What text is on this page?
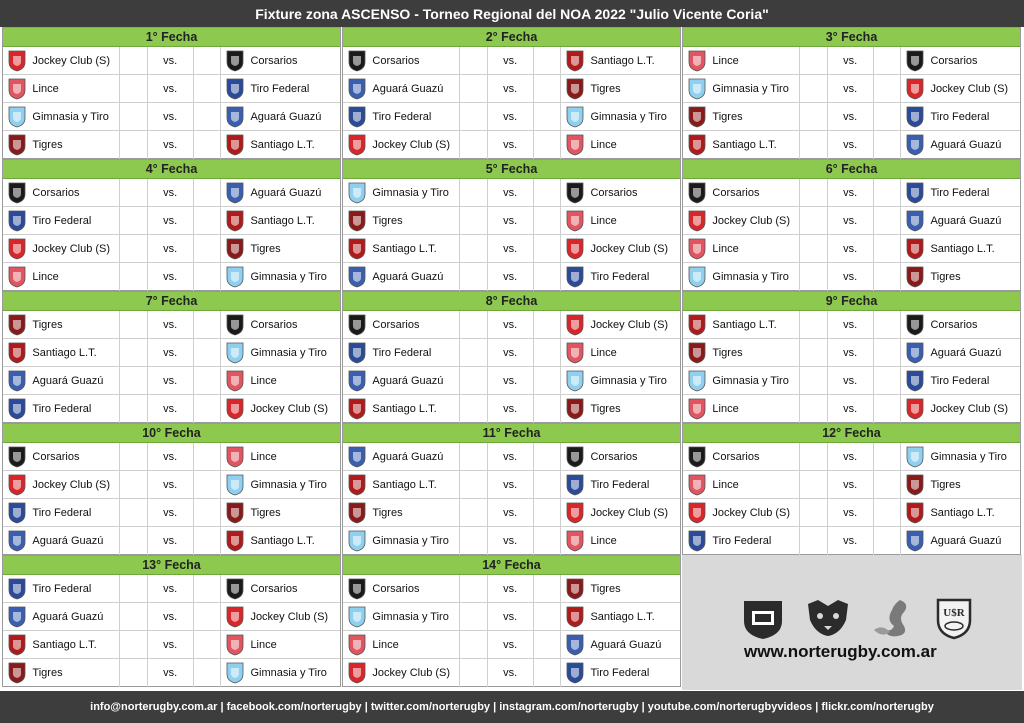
Fixture zona ASCENSO - Torneo Regional del NOA 2022 "Julio Vicente Coria"
1° Fecha
Jockey Club (S)	vs.	Corsarios
Lince	vs.	Tiro Federal
Gimnasia y Tiro	vs.	Aguará Guazú
Tigres	vs.	Santiago L.T.
2° Fecha
Corsarios	vs.	Santiago L.T.
Aguará Guazú	vs.	Tigres
Tiro Federal	vs.	Gimnasia y Tiro
Jockey Club (S)	vs.	Lince
3° Fecha
Lince	vs.	Corsarios
Gimnasia y Tiro	vs.	Jockey Club (S)
Tigres	vs.	Tiro Federal
Santiago L.T.	vs.	Aguará Guazú
4° Fecha
Corsarios	vs.	Aguará Guazú
Tiro Federal	vs.	Santiago L.T.
Jockey Club (S)	vs.	Tigres
Lince	vs.	Gimnasia y Tiro
5° Fecha
Gimnasia y Tiro	vs.	Corsarios
Tigres	vs.	Lince
Santiago L.T.	vs.	Jockey Club (S)
Aguará Guazú	vs.	Tiro Federal
6° Fecha
Corsarios	vs.	Tiro Federal
Jockey Club (S)	vs.	Aguará Guazú
Lince	vs.	Santiago L.T.
Gimnasia y Tiro	vs.	Tigres
7° Fecha
Tigres	vs.	Corsarios
Santiago L.T.	vs.	Gimnasia y Tiro
Aguará Guazú	vs.	Lince
Tiro Federal	vs.	Jockey Club (S)
8° Fecha
Corsarios	vs.	Jockey Club (S)
Tiro Federal	vs.	Lince
Aguará Guazú	vs.	Gimnasia y Tiro
Santiago L.T.	vs.	Tigres
9° Fecha
Santiago L.T.	vs.	Corsarios
Tigres	vs.	Aguará Guazú
Gimnasia y Tiro	vs.	Tiro Federal
Lince	vs.	Jockey Club (S)
10° Fecha
Corsarios	vs.	Lince
Jockey Club (S)	vs.	Gimnasia y Tiro
Tiro Federal	vs.	Tigres
Aguará Guazú	vs.	Santiago L.T.
11° Fecha
Aguará Guazú	vs.	Corsarios
Santiago L.T.	vs.	Tiro Federal
Tigres	vs.	Jockey Club (S)
Gimnasia y Tiro	vs.	Lince
12° Fecha
Corsarios	vs.	Gimnasia y Tiro
Lince	vs.	Tigres
Jockey Club (S)	vs.	Santiago L.T.
Tiro Federal	vs.	Aguará Guazú
13° Fecha
Tiro Federal	vs.	Corsarios
Aguará Guazú	vs.	Jockey Club (S)
Santiago L.T.	vs.	Lince
Tigres	vs.	Gimnasia y Tiro
14° Fecha
Corsarios	vs.	Tigres
Gimnasia y Tiro	vs.	Santiago L.T.
Lince	vs.	Aguará Guazú
Jockey Club (S)	vs.	Tiro Federal
U$R
www.norterugby.com.ar
info@norterugby.com.ar | facebook.com/norterugby | twitter.com/norterugby | instagram.com/norterugby | youtube.com/norterugbyvideos | flickr.com/norterugby
